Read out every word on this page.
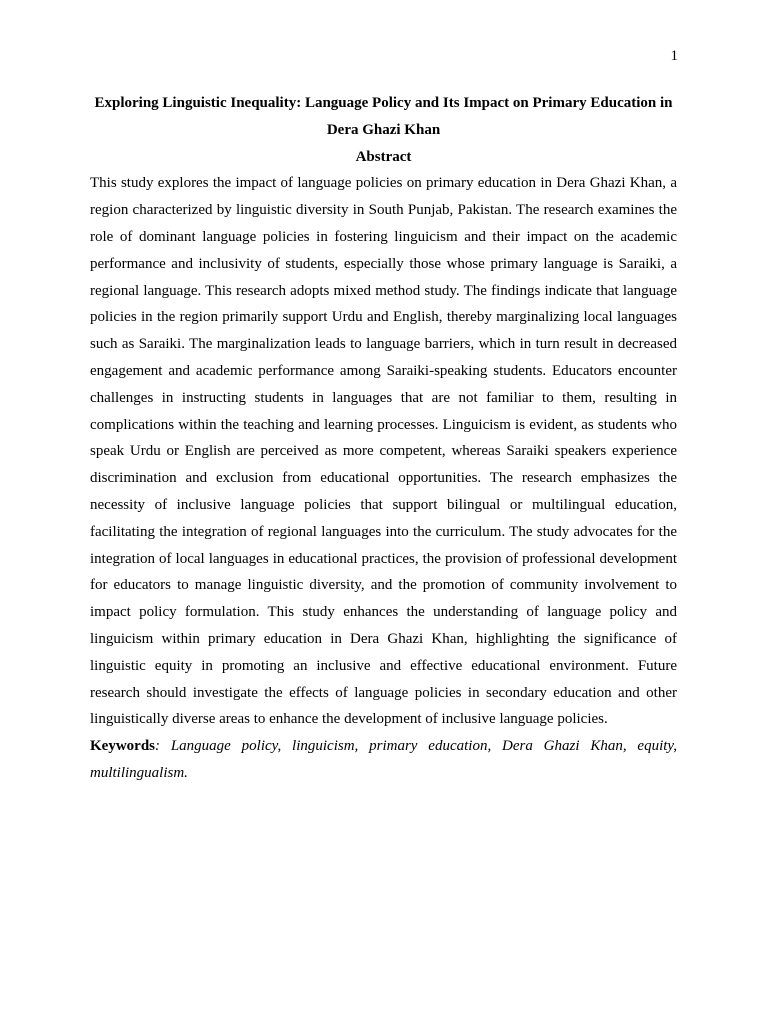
1

Exploring Linguistic Inequality: Language Policy and Its Impact on Primary Education in Dera Ghazi Khan

Abstract

This study explores the impact of language policies on primary education in Dera Ghazi Khan, a region characterized by linguistic diversity in South Punjab, Pakistan. The research examines the role of dominant language policies in fostering linguicism and their impact on the academic performance and inclusivity of students, especially those whose primary language is Saraiki, a regional language. This research adopts mixed method study. The findings indicate that language policies in the region primarily support Urdu and English, thereby marginalizing local languages such as Saraiki. The marginalization leads to language barriers, which in turn result in decreased engagement and academic performance among Saraiki-speaking students. Educators encounter challenges in instructing students in languages that are not familiar to them, resulting in complications within the teaching and learning processes. Linguicism is evident, as students who speak Urdu or English are perceived as more competent, whereas Saraiki speakers experience discrimination and exclusion from educational opportunities. The research emphasizes the necessity of inclusive language policies that support bilingual or multilingual education, facilitating the integration of regional languages into the curriculum. The study advocates for the integration of local languages in educational practices, the provision of professional development for educators to manage linguistic diversity, and the promotion of community involvement to impact policy formulation. This study enhances the understanding of language policy and linguicism within primary education in Dera Ghazi Khan, highlighting the significance of linguistic equity in promoting an inclusive and effective educational environment. Future research should investigate the effects of language policies in secondary education and other linguistically diverse areas to enhance the development of inclusive language policies.

Keywords: Language policy, linguicism, primary education, Dera Ghazi Khan, equity, multilingualism.
